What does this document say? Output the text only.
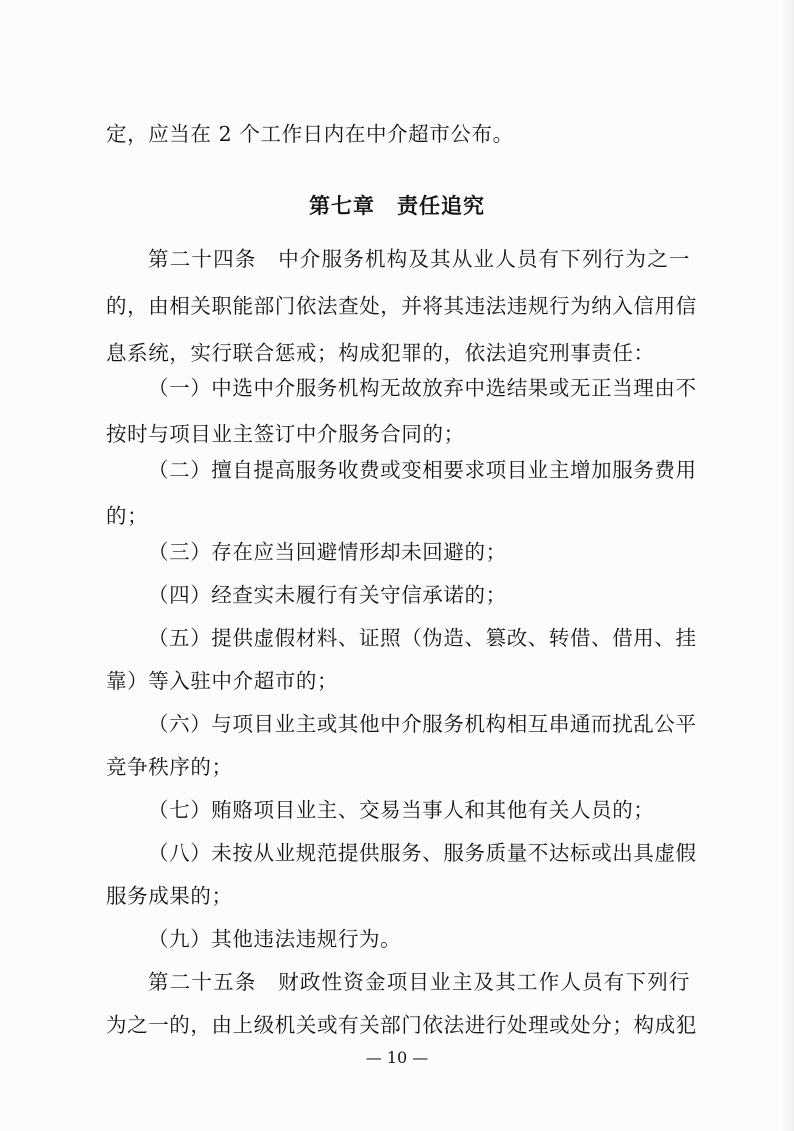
定，应当在 2 个工作日内在中介超市公布。
第七章　责任追究
第二十四条　中介服务机构及其从业人员有下列行为之一
的，由相关职能部门依法查处，并将其违法违规行为纳入信用信
息系统，实行联合惩戒；构成犯罪的，依法追究刑事责任：
（一）中选中介服务机构无故放弃中选结果或无正当理由不
按时与项目业主签订中介服务合同的；
（二）擅自提高服务收费或变相要求项目业主增加服务费用
的；
（三）存在应当回避情形却未回避的；
（四）经查实未履行有关守信承诺的；
（五）提供虚假材料、证照（伪造、篡改、转借、借用、挂
靠）等入驻中介超市的；
（六）与项目业主或其他中介服务机构相互串通而扰乱公平
竞争秩序的；
（七）贿赂项目业主、交易当事人和其他有关人员的；
（八）未按从业规范提供服务、服务质量不达标或出具虚假
服务成果的；
（九）其他违法违规行为。
第二十五条　财政性资金项目业主及其工作人员有下列行
为之一的，由上级机关或有关部门依法进行处理或处分；构成犯
— 10 —
